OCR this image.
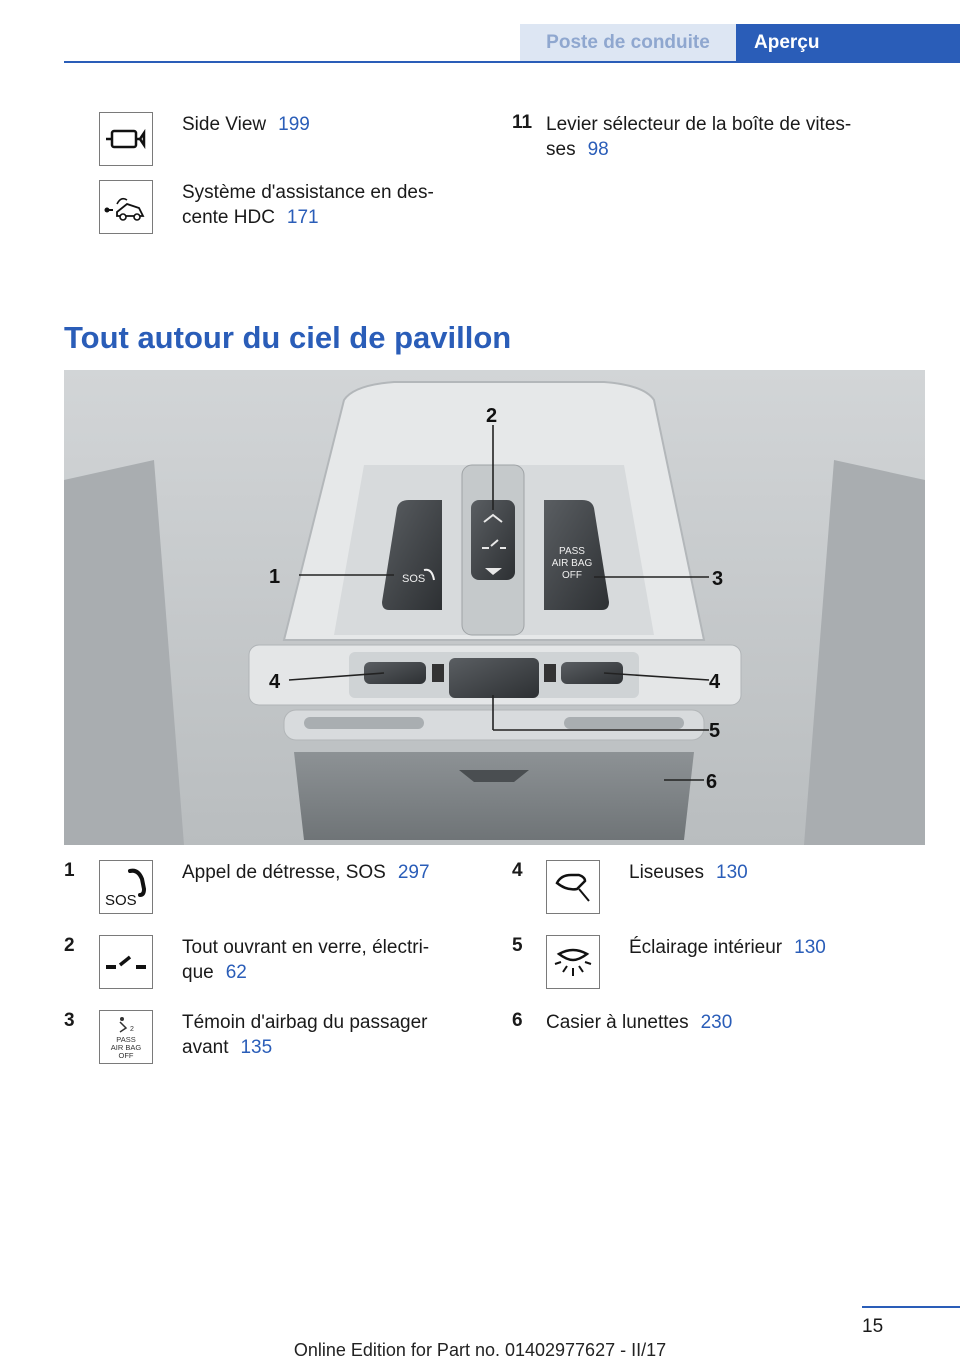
Poste de conduite	Aperçu
Side View 199
Système d'assistance en des-
cente HDC 171
11 Levier sélecteur de la boîte de vites-
ses 98
Tout autour du ciel de pavillon
SOS
PASS
AIR BAG
OFF
1
2
3
4	4
5
6
1
SOS
Appel de détresse, SOS 297
2	Tout ouvrant en verre, électri-
que 62
3	2
PASS
AIR BAG
OFF
Témoin d'airbag du passager
avant 135
4	Liseuses 130
5	Éclairage intérieur 130
6 Casier à lunettes 230
15
Online Edition for Part no. 01402977627 - II/17
